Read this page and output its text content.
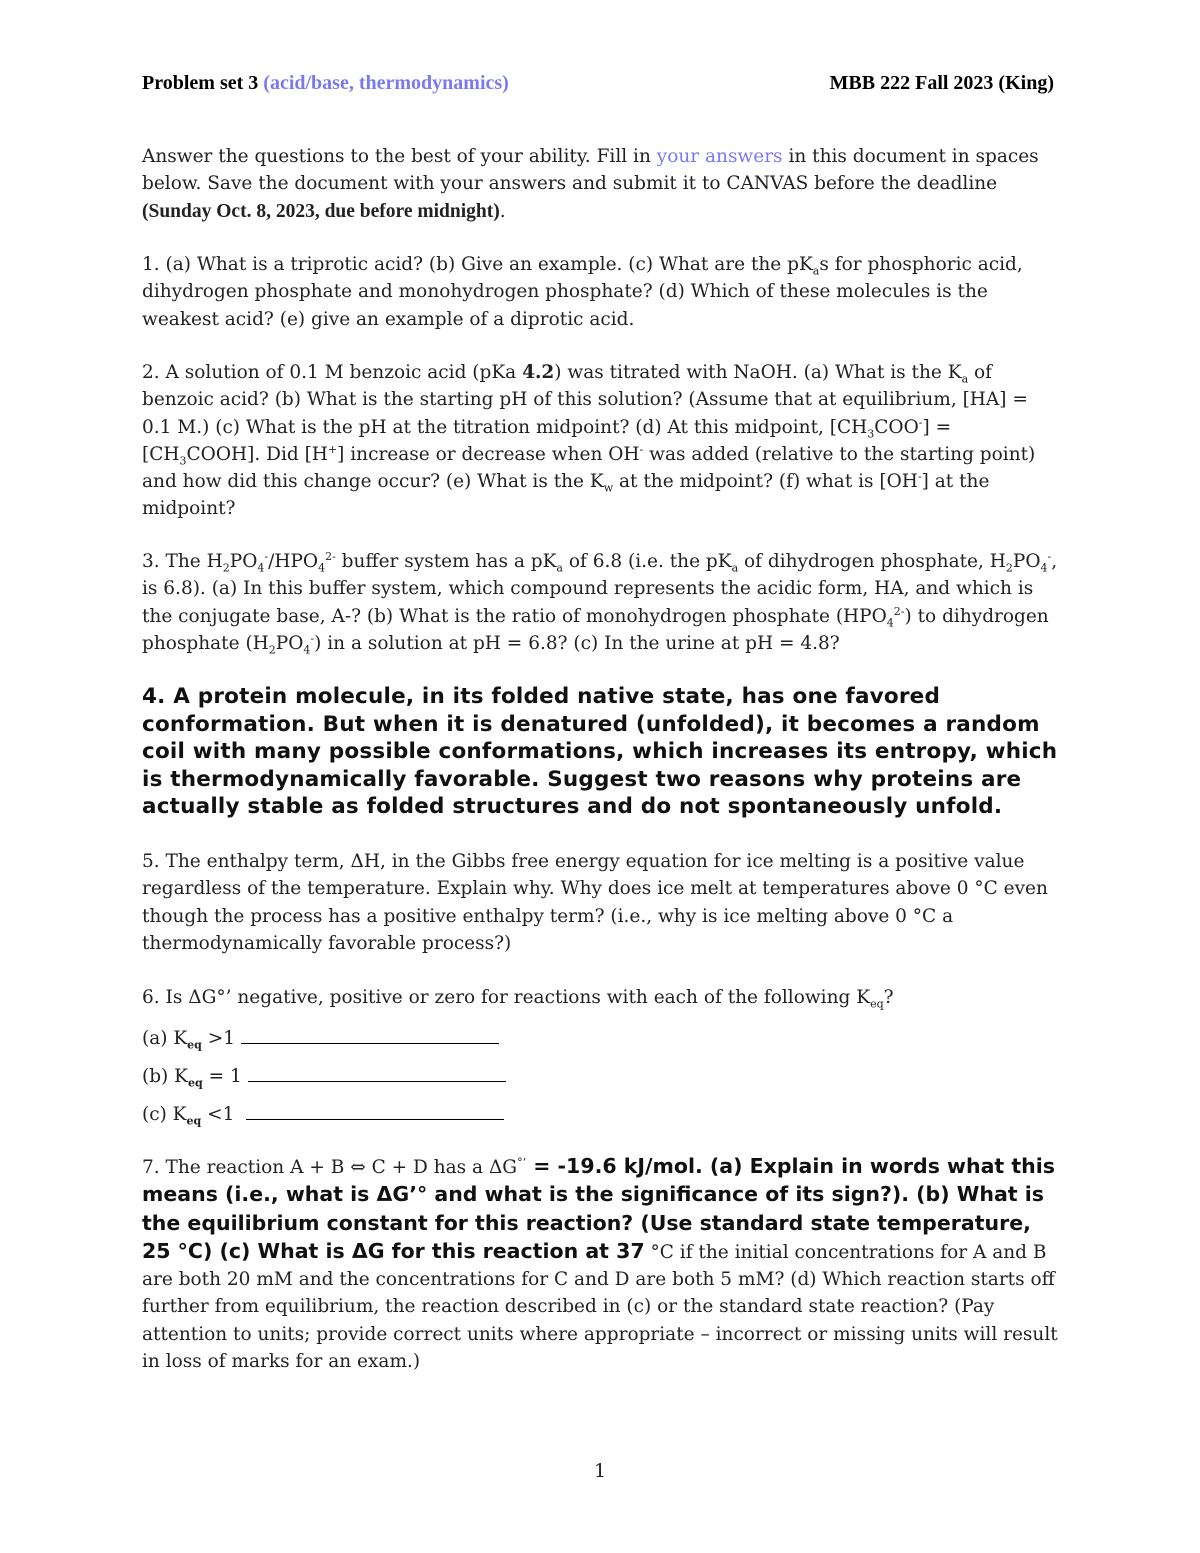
Problem set 3 (acid/base, thermodynamics)	MBB 222 Fall 2023 (King)
Answer the questions to the best of your ability. Fill in your answers in this document in spaces below. Save the document with your answers and submit it to CANVAS before the deadline (Sunday Oct. 8, 2023, due before midnight).
1. (a) What is a triprotic acid? (b) Give an example. (c) What are the $pK_as$ for phosphoric acid, dihydrogen phosphate and monohydrogen phosphate? (d) Which of these molecules is the weakest acid? (e) give an example of a diprotic acid.
2. A solution of 0.1 M benzoic acid (pKa 4.2) was titrated with NaOH. (a) What is the $K_a$ of benzoic acid? (b) What is the starting pH of this solution? (Assume that at equilibrium, [HA] = 0.1 M.) (c) What is the pH at the titration midpoint? (d) At this midpoint, $[CH_3COO^-]$ = $[CH_3COOH]$. Did [H+] increase or decrease when OH- was added (relative to the starting point) and how did this change occur? (e) What is the $K_w$ at the midpoint? (f) what is [OH-] at the midpoint?
3. The $H_2PO_4^-/HPO_4^{2-}$ buffer system has a $pK_a$ of 6.8 (i.e. the $pK_a$ of dihydrogen phosphate, $H_2PO_4^-$, is 6.8). (a) In this buffer system, which compound represents the acidic form, HA, and which is the conjugate base, A-? (b) What is the ratio of monohydrogen phosphate $(HPO_4^{2-})$ to dihydrogen phosphate $(H_2PO_4^-)$ in a solution at pH = 6.8? (c) In the urine at pH = 4.8?
4. A protein molecule, in its folded native state, has one favored conformation. But when it is denatured (unfolded), it becomes a random coil with many possible conformations, which increases its entropy, which is thermodynamically favorable. Suggest two reasons why proteins are actually stable as folded structures and do not spontaneously unfold.
5. The enthalpy term, ΔH, in the Gibbs free energy equation for ice melting is a positive value regardless of the temperature. Explain why. Why does ice melt at temperatures above 0 °C even though the process has a positive enthalpy term? (i.e., why is ice melting above 0 °C a thermodynamically favorable process?)
6. Is ΔG°’ negative, positive or zero for reactions with each of the following $K_{eq}$?
(a) $K_{eq} >1$
(b) $K_{eq} = 1$
(c) $K_{eq} <1$
7. The reaction A + B ⇔ C + D has a ΔG°’ = -19.6 kJ/mol. (a) Explain in words what this means (i.e., what is ΔG’° and what is the significance of its sign?). (b) What is the equilibrium constant for this reaction? (Use standard state temperature, 25 °C) (c) What is ΔG for this reaction at 37 °C if the initial concentrations for A and B are both 20 mM and the concentrations for C and D are both 5 mM? (d) Which reaction starts off further from equilibrium, the reaction described in (c) or the standard state reaction? (Pay attention to units; provide correct units where appropriate – incorrect or missing units will result in loss of marks for an exam.)
1
